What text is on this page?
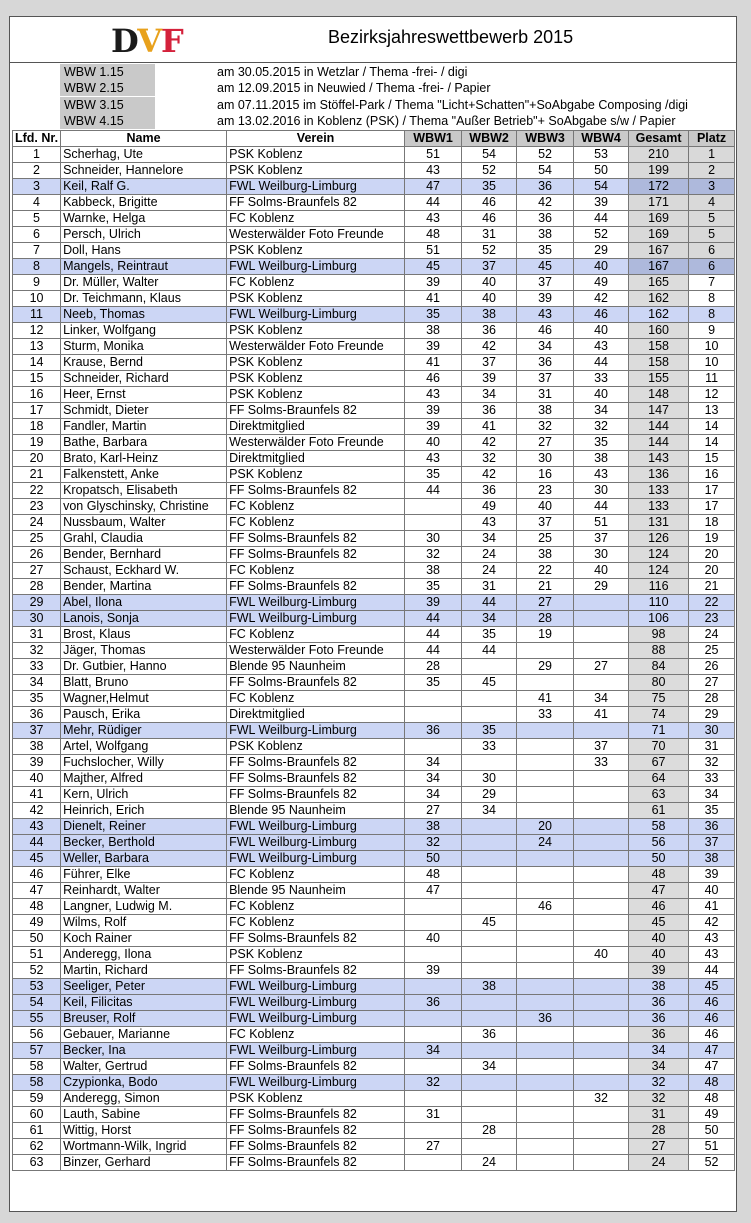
DVF	Bezirksjahreswettbewerb 2015
WBW 1.15	am 30.05.2015 in Wetzlar / Thema -frei- / digi
WBW 2.15	am 12.09.2015 in Neuwied / Thema -frei- / Papier
WBW 3.15	am 07.11.2015 im Stöffel-Park / Thema "Licht+Schatten"+SoAbgabe Composing /digi
WBW 4.15	am 13.02.2016 in Koblenz (PSK) / Thema "Außer Betrieb"+ SoAbgabe s/w / Papier
Lfd. Nr.	Name	Verein	WBW1	WBW2	WBW3	WBW4	Gesamt	Platz
1	Scherhag, Ute	PSK Koblenz	51	54	52	53	210	1
2	Schneider, Hannelore	PSK Koblenz	43	52	54	50	199	2
3	Keil, Ralf G.	FWL Weilburg-Limburg	47	35	36	54	172	3
4	Kabbeck, Brigitte	FF Solms-Braunfels 82	44	46	42	39	171	4
5	Warnke, Helga	FC Koblenz	43	46	36	44	169	5
6	Persch, Ulrich	Westerwälder Foto Freunde	48	31	38	52	169	5
7	Doll, Hans	PSK Koblenz	51	52	35	29	167	6
8	Mangels, Reintraut	FWL Weilburg-Limburg	45	37	45	40	167	6
9	Dr. Müller, Walter	FC Koblenz	39	40	37	49	165	7
10	Dr. Teichmann, Klaus	PSK Koblenz	41	40	39	42	162	8
11	Neeb, Thomas	FWL Weilburg-Limburg	35	38	43	46	162	8
12	Linker, Wolfgang	PSK Koblenz	38	36	46	40	160	9
13	Sturm, Monika	Westerwälder Foto Freunde	39	42	34	43	158	10
14	Krause, Bernd	PSK Koblenz	41	37	36	44	158	10
15	Schneider, Richard	PSK Koblenz	46	39	37	33	155	11
16	Heer, Ernst	PSK Koblenz	43	34	31	40	148	12
17	Schmidt, Dieter	FF Solms-Braunfels 82	39	36	38	34	147	13
18	Fandler, Martin	Direktmitglied	39	41	32	32	144	14
19	Bathe, Barbara	Westerwälder Foto Freunde	40	42	27	35	144	14
20	Brato, Karl-Heinz	Direktmitglied	43	32	30	38	143	15
21	Falkenstett, Anke	PSK Koblenz	35	42	16	43	136	16
22	Kropatsch, Elisabeth	FF Solms-Braunfels 82	44	36	23	30	133	17
23	von Glyschinsky, Christine	FC Koblenz		49	40	44	133	17
24	Nussbaum, Walter	FC Koblenz		43	37	51	131	18
25	Grahl, Claudia	FF Solms-Braunfels 82	30	34	25	37	126	19
26	Bender, Bernhard	FF Solms-Braunfels 82	32	24	38	30	124	20
27	Schaust, Eckhard W.	FC Koblenz	38	24	22	40	124	20
28	Bender, Martina	FF Solms-Braunfels 82	35	31	21	29	116	21
29	Abel, Ilona	FWL Weilburg-Limburg	39	44	27		110	22
30	Lanois, Sonja	FWL Weilburg-Limburg	44	34	28		106	23
31	Brost, Klaus	FC Koblenz	44	35	19		98	24
32	Jäger, Thomas	Westerwälder Foto Freunde	44	44			88	25
33	Dr. Gutbier, Hanno	Blende 95 Naunheim	28		29	27	84	26
34	Blatt, Bruno	FF Solms-Braunfels 82	35	45			80	27
35	Wagner,Helmut	FC Koblenz			41	34	75	28
36	Pausch, Erika	Direktmitglied			33	41	74	29
37	Mehr, Rüdiger	FWL Weilburg-Limburg	36	35			71	30
38	Artel, Wolfgang	PSK Koblenz		33		37	70	31
39	Fuchslocher, Willy	FF Solms-Braunfels 82	34			33	67	32
40	Majther, Alfred	FF Solms-Braunfels 82	34	30			64	33
41	Kern, Ulrich	FF Solms-Braunfels 82	34	29			63	34
42	Heinrich, Erich	Blende 95 Naunheim	27	34			61	35
43	Dienelt, Reiner	FWL Weilburg-Limburg	38		20		58	36
44	Becker, Berthold	FWL Weilburg-Limburg	32		24		56	37
45	Weller, Barbara	FWL Weilburg-Limburg	50				50	38
46	Führer, Elke	FC Koblenz	48				48	39
47	Reinhardt, Walter	Blende 95 Naunheim	47				47	40
48	Langner, Ludwig M.	FC Koblenz			46		46	41
49	Wilms, Rolf	FC Koblenz		45			45	42
50	Koch Rainer	FF Solms-Braunfels 82	40				40	43
51	Anderegg, Ilona	PSK Koblenz				40	40	43
52	Martin, Richard	FF Solms-Braunfels 82	39				39	44
53	Seeliger, Peter	FWL Weilburg-Limburg		38			38	45
54	Keil, Filicitas	FWL Weilburg-Limburg	36				36	46
55	Breuser, Rolf	FWL Weilburg-Limburg			36		36	46
56	Gebauer, Marianne	FC Koblenz		36			36	46
57	Becker, Ina	FWL Weilburg-Limburg	34				34	47
58	Walter, Gertrud	FF Solms-Braunfels 82		34			34	47
58	Czypionka, Bodo	FWL Weilburg-Limburg	32				32	48
59	Anderegg, Simon	PSK Koblenz				32	32	48
60	Lauth, Sabine	FF Solms-Braunfels 82	31				31	49
61	Wittig, Horst	FF Solms-Braunfels 82		28			28	50
62	Wortmann-Wilk, Ingrid	FF Solms-Braunfels 82	27				27	51
63	Binzer, Gerhard	FF Solms-Braunfels 82		24			24	52
